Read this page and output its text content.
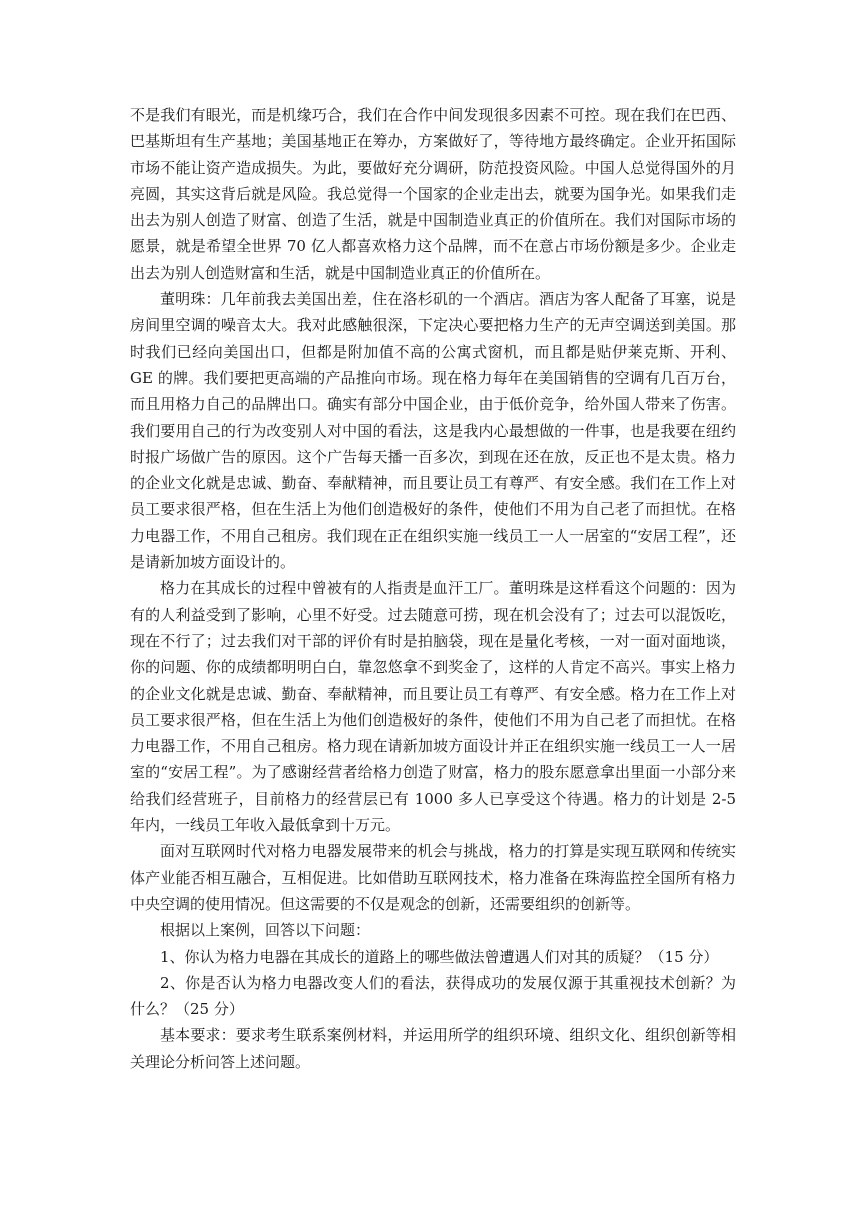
不是我们有眼光，而是机缘巧合，我们在合作中间发现很多因素不可控。现在我们在巴西、巴基斯坦有生产基地；美国基地正在筹办，方案做好了，等待地方最终确定。企业开拓国际市场不能让资产造成损失。为此，要做好充分调研，防范投资风险。中国人总觉得国外的月亮圆，其实这背后就是风险。我总觉得一个国家的企业走出去，就要为国争光。如果我们走出去为别人创造了财富、创造了生活，就是中国制造业真正的价值所在。我们对国际市场的愿景，就是希望全世界 70 亿人都喜欢格力这个品牌，而不在意占市场份额是多少。企业走出去为别人创造财富和生活，就是中国制造业真正的价值所在。

董明珠：几年前我去美国出差，住在洛杉矶的一个酒店。酒店为客人配备了耳塞，说是房间里空调的噪音太大。我对此感触很深，下定决心要把格力生产的无声空调送到美国。那时我们已经向美国出口，但都是附加值不高的公寓式窗机，而且都是贴伊莱克斯、开利、GE 的牌。我们要把更高端的产品推向市场。现在格力每年在美国销售的空调有几百万台，而且用格力自己的品牌出口。确实有部分中国企业，由于低价竞争，给外国人带来了伤害。我们要用自己的行为改变别人对中国的看法，这是我内心最想做的一件事，也是我要在纽约时报广场做广告的原因。这个广告每天播一百多次，到现在还在放，反正也不是太贵。格力的企业文化就是忠诚、勤奋、奉献精神，而且要让员工有尊严、有安全感。我们在工作上对员工要求很严格，但在生活上为他们创造极好的条件，使他们不用为自己老了而担忧。在格力电器工作，不用自己租房。我们现在正在组织实施一线员工一人一居室的“安居工程”，还是请新加坡方面设计的。

格力在其成长的过程中曾被有的人指责是血汗工厂。董明珠是这样看这个问题的：因为有的人利益受到了影响，心里不好受。过去随意可捞，现在机会没有了；过去可以混饭吃，现在不行了；过去我们对干部的评价有时是拍脑袋，现在是量化考核，一对一面对面地谈，你的问题、你的成绩都明明白白，靠忽悠拿不到奖金了，这样的人肯定不高兴。事实上格力的企业文化就是忠诚、勤奋、奉献精神，而且要让员工有尊严、有安全感。格力在工作上对员工要求很严格，但在生活上为他们创造极好的条件，使他们不用为自己老了而担忧。在格力电器工作，不用自己租房。格力现在请新加坡方面设计并正在组织实施一线员工一人一居室的“安居工程”。为了感谢经营者给格力创造了财富，格力的股东愿意拿出里面一小部分来给我们经营班子，目前格力的经营层已有 1000 多人已享受这个待遇。格力的计划是 2-5 年内，一线员工年收入最低拿到十万元。

面对互联网时代对格力电器发展带来的机会与挑战，格力的打算是实现互联网和传统实体产业能否相互融合，互相促进。比如借助互联网技术，格力准备在珠海监控全国所有格力中央空调的使用情况。但这需要的不仅是观念的创新，还需要组织的创新等。

根据以上案例，回答以下问题：

1、你认为格力电器在其成长的道路上的哪些做法曾遭遇人们对其的质疑？（15 分）

2、你是否认为格力电器改变人们的看法，获得成功的发展仅源于其重视技术创新？为什么？（25 分）

基本要求：要求考生联系案例材料，并运用所学的组织环境、组织文化、组织创新等相关理论分析问答上述问题。
